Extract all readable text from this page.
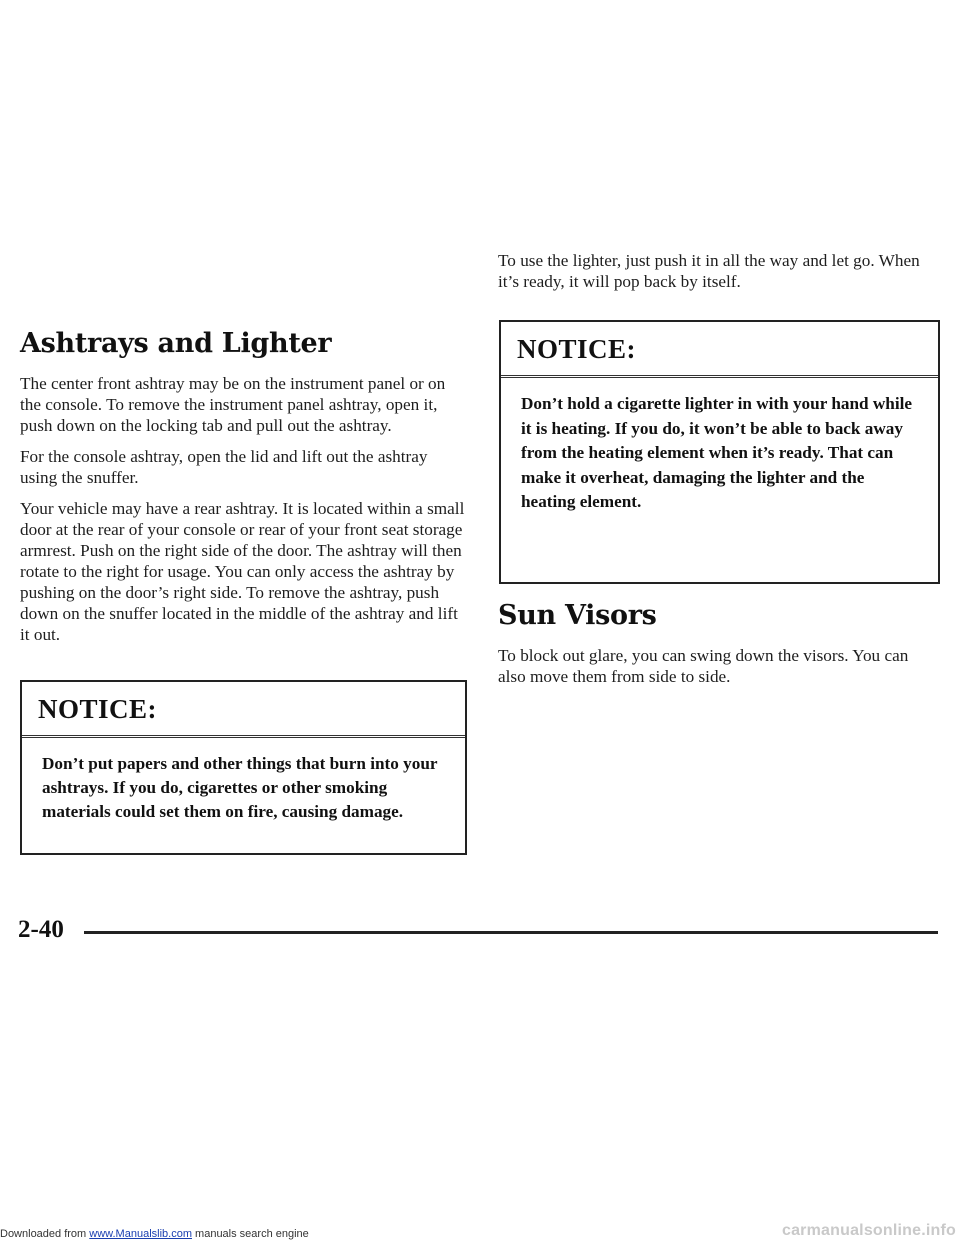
Ashtrays and Lighter

The center front ashtray may be on the instrument panel or on the console. To remove the instrument panel ashtray, open it, push down on the locking tab and pull out the ashtray.

For the console ashtray, open the lid and lift out the ashtray using the snuffer.

Your vehicle may have a rear ashtray. It is located within a small door at the rear of your console or rear of your front seat storage armrest. Push on the right side of the door. The ashtray will then rotate to the right for usage. You can only access the ashtray by pushing on the door’s right side. To remove the ashtray, push down on the snuffer located in the middle of the ashtray and lift it out.

NOTICE:
Don’t put papers and other things that burn into your ashtrays. If you do, cigarettes or other smoking materials could set them on fire, causing damage.

To use the lighter, just push it in all the way and let go. When it’s ready, it will pop back by itself.

NOTICE:
Don’t hold a cigarette lighter in with your hand while it is heating. If you do, it won’t be able to back away from the heating element when it’s ready. That can make it overheat, damaging the lighter and the heating element.
Sun Visors

To block out glare, you can swing down the visors. You can also move them from side to side.

2-40
Downloaded from www.Manualslib.com manuals search engine	carmanualsonline.info
